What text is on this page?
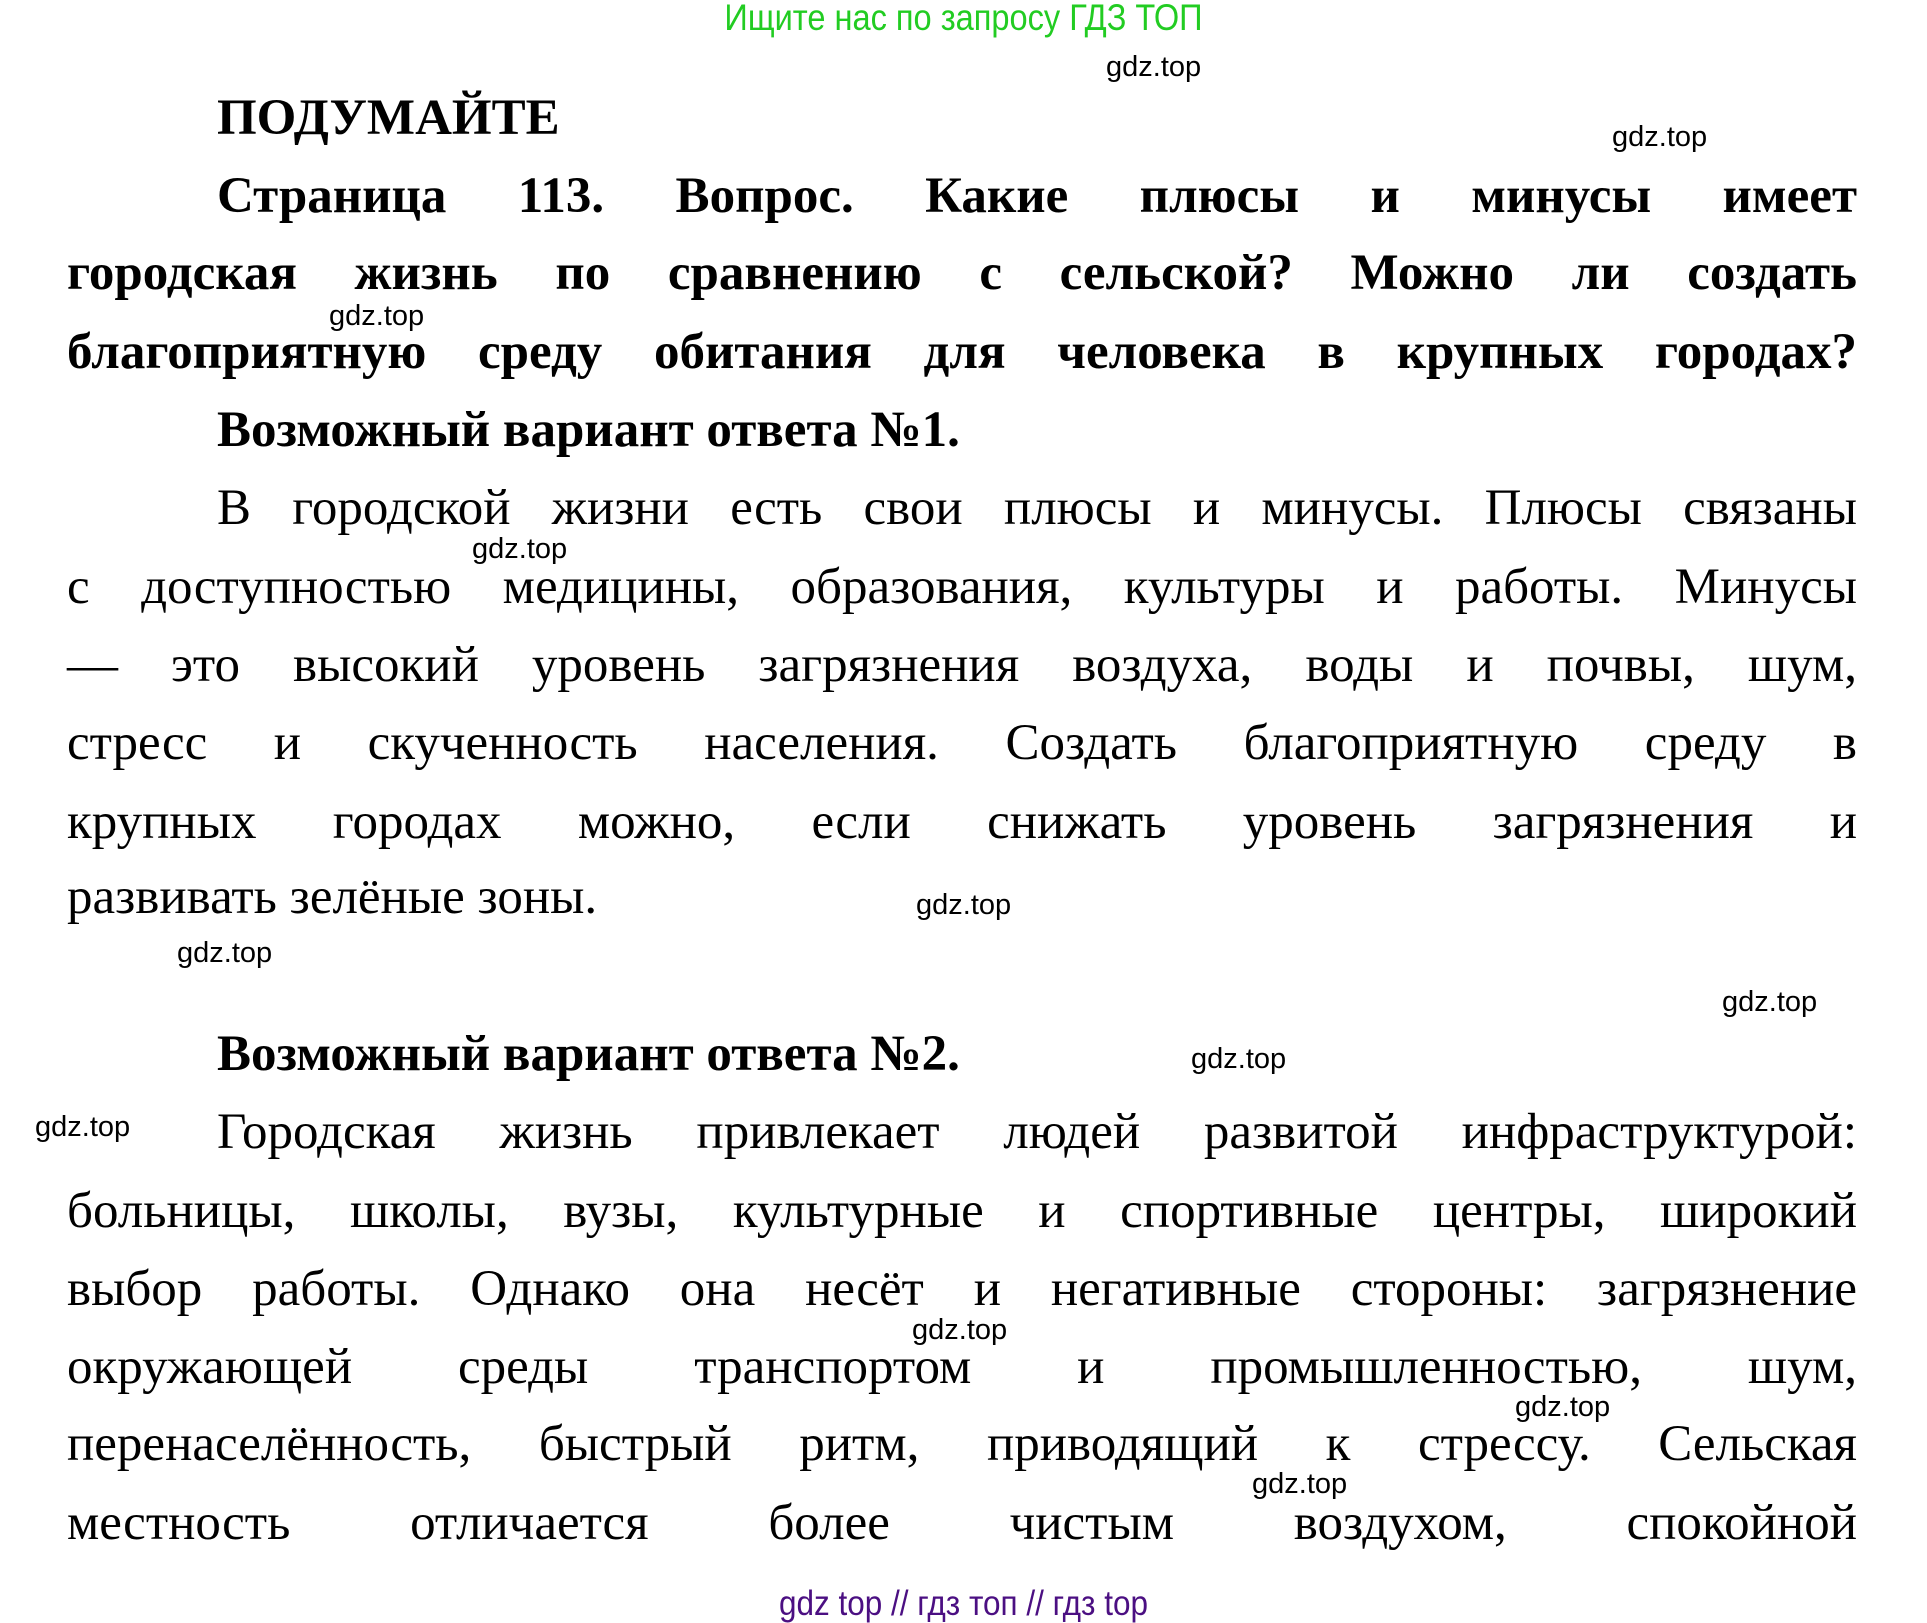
Ищите нас по запросу ГДЗ ТОП
ПОДУМАЙТЕ
Страница 113. Вопрос. Какие плюсы и минусы имеет
городская жизнь по сравнению с сельской? Можно ли создать
благоприятную среду обитания для человека в крупных городах?
Возможный вариант ответа №1.
В городской жизни есть свои плюсы и минусы. Плюсы связаны
с доступностью медицины, образования, культуры и работы. Минусы
— это высокий уровень загрязнения воздуха, воды и почвы, шум,
стресс и скученность населения. Создать благоприятную среду в
крупных городах можно, если снижать уровень загрязнения и
развивать зелёные зоны.
Возможный вариант ответа №2.
Городская жизнь привлекает людей развитой инфраструктурой:
больницы, школы, вузы, культурные и спортивные центры, широкий
выбор работы. Однако она несёт и негативные стороны: загрязнение
окружающей среды транспортом и промышленностью, шум,
перенаселённость, быстрый ритм, приводящий к стрессу. Сельская
местность отличается более чистым воздухом, спокойной
gdz.top
gdz.top
gdz.top
gdz.top
gdz.top
gdz.top
gdz.top
gdz.top
gdz.top
gdz.top
gdz.top
gdz.top
gdz top // гдз топ // гдз top
